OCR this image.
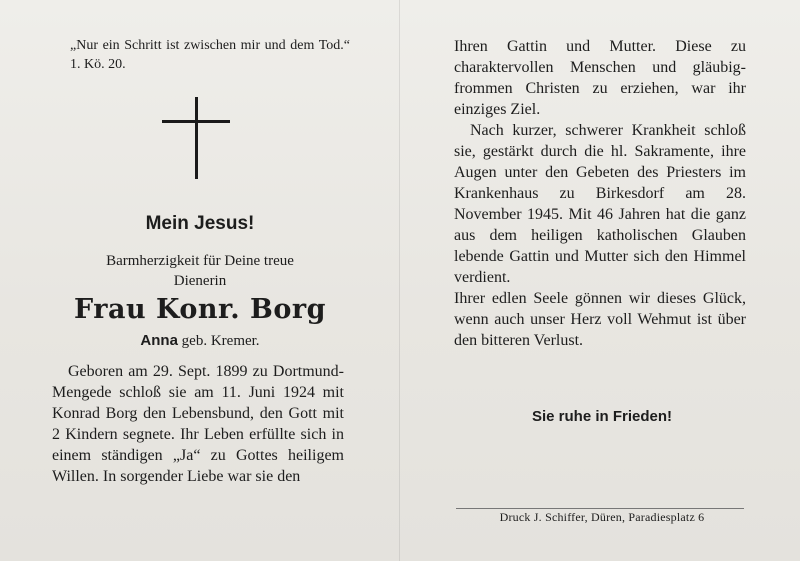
„Nur ein Schritt ist zwischen mir und dem Tod.“ 1. Kö. 20.
Mein Jesus!
Barmherzigkeit für Deine treue
Dienerin
Frau Konr. Borg
Anna geb. Kremer.

Geboren am 29. Sept. 1899 zu Dortmund-Mengede schloß sie am 11. Juni 1924 mit Konrad Borg den Lebensbund, den Gott mit 2 Kindern segnete. Ihr Leben erfüllte sich in einem ständigen „Ja“ zu Gottes heiligem Willen. In sorgender Liebe war sie den

Ihren Gattin und Mutter. Diese zu charaktervollen Menschen und gläubig-frommen Christen zu erziehen, war ihr einziges Ziel.

Nach kurzer, schwerer Krankheit schloß sie, gestärkt durch die hl. Sakramente, ihre Augen unter den Gebeten des Priesters im Krankenhaus zu Birkesdorf am 28. November 1945. Mit 46 Jahren hat die ganz aus dem heiligen katholischen Glauben lebende Gattin und Mutter sich den Himmel verdient.

Ihrer edlen Seele gönnen wir dieses Glück, wenn auch unser Herz voll Wehmut ist über den bitteren Verlust.

Sie ruhe in Frieden!
Druck J. Schiffer, Düren, Paradiesplatz 6
